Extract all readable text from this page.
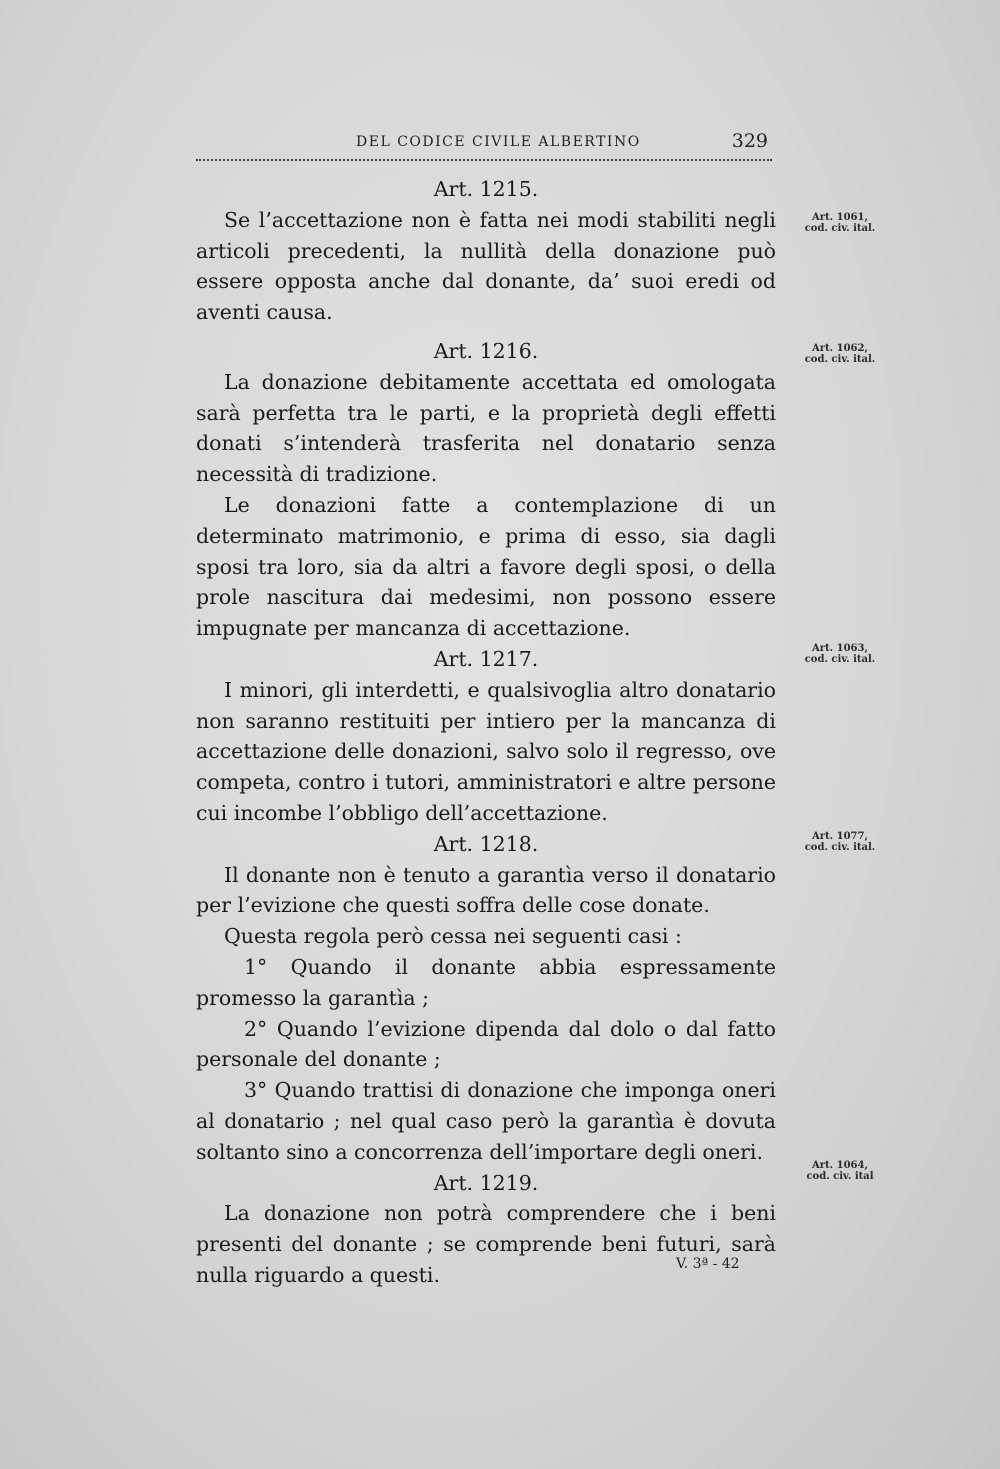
DEL CODICE CIVILE ALBERTINO	329

Art. 1215.

Se l’accettazione non è fatta nei modi stabiliti negli articoli precedenti, la nullità della donazione può essere opposta anche dal donante, da’ suoi eredi od aventi causa.

Art. 1216.

La donazione debitamente accettata ed omologata sarà perfetta tra le parti, e la proprietà degli effetti donati s’intenderà trasferita nel donatario senza necessità di tradizione.

Le donazioni fatte a contemplazione di un determinato matrimonio, e prima di esso, sia dagli sposi tra loro, sia da altri a favore degli sposi, o della prole nascitura dai medesimi, non possono essere impugnate per mancanza di accettazione.

Art. 1217.

I minori, gli interdetti, e qualsivoglia altro donatario non saranno restituiti per intiero per la mancanza di accettazione delle donazioni, salvo solo il regresso, ove competa, contro i tutori, amministratori e altre persone cui incombe l’obbligo dell’accettazione.

Art. 1218.

Il donante non è tenuto a garantìa verso il donatario per l’evizione che questi soffra delle cose donate.

Questa regola però cessa nei seguenti casi :

1° Quando il donante abbia espressamente promesso la garantìa ;

2° Quando l’evizione dipenda dal dolo o dal fatto personale del donante ;

3° Quando trattisi di donazione che imponga oneri al donatario ; nel qual caso però la garantìa è dovuta soltanto sino a concorrenza dell’importare degli oneri.

Art. 1219.

La donazione non potrà comprendere che i beni presenti del donante ; se comprende beni futuri, sarà nulla riguardo a questi.

Art. 1061,
cod. civ. ital.
Art. 1062,
cod. civ. ital.
Art. 1063,
cod. civ. ital.
Art. 1077,
cod. civ. ital.
Art. 1064,
cod. civ. ital
V. 3ª - 42
